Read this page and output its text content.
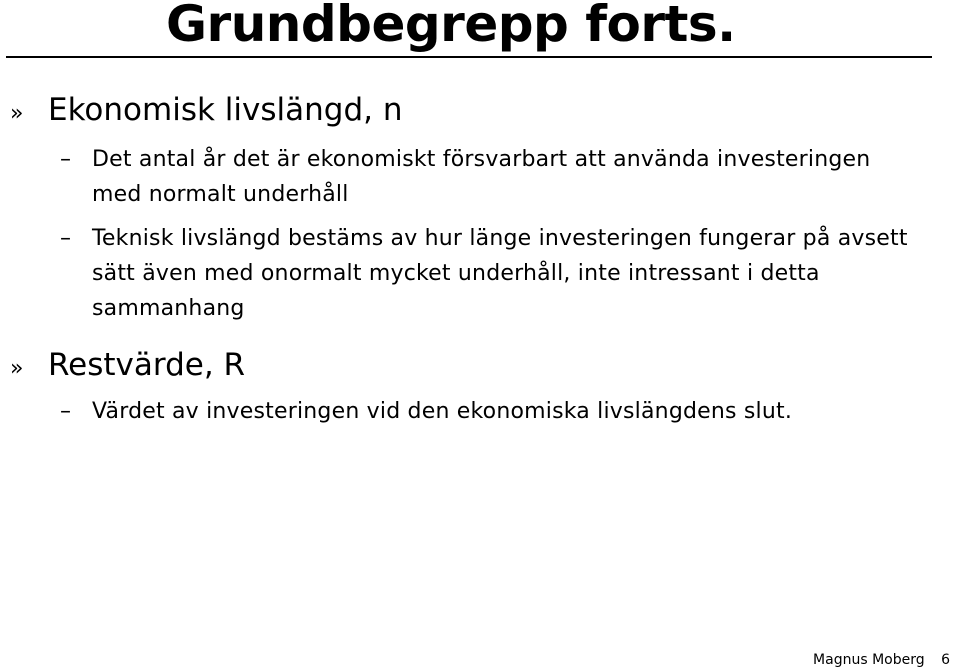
Grundbegrepp forts.
» Ekonomisk livslängd, n
– Det antal år det är ekonomiskt försvarbart att använda investeringen med normalt underhåll
– Teknisk livslängd bestäms av hur länge investeringen fungerar på avsett sätt även med onormalt mycket underhåll, inte intressant i detta sammanhang
» Restvärde, R
– Värdet av investeringen vid den ekonomiska livslängdens slut.
Magnus Moberg 6
